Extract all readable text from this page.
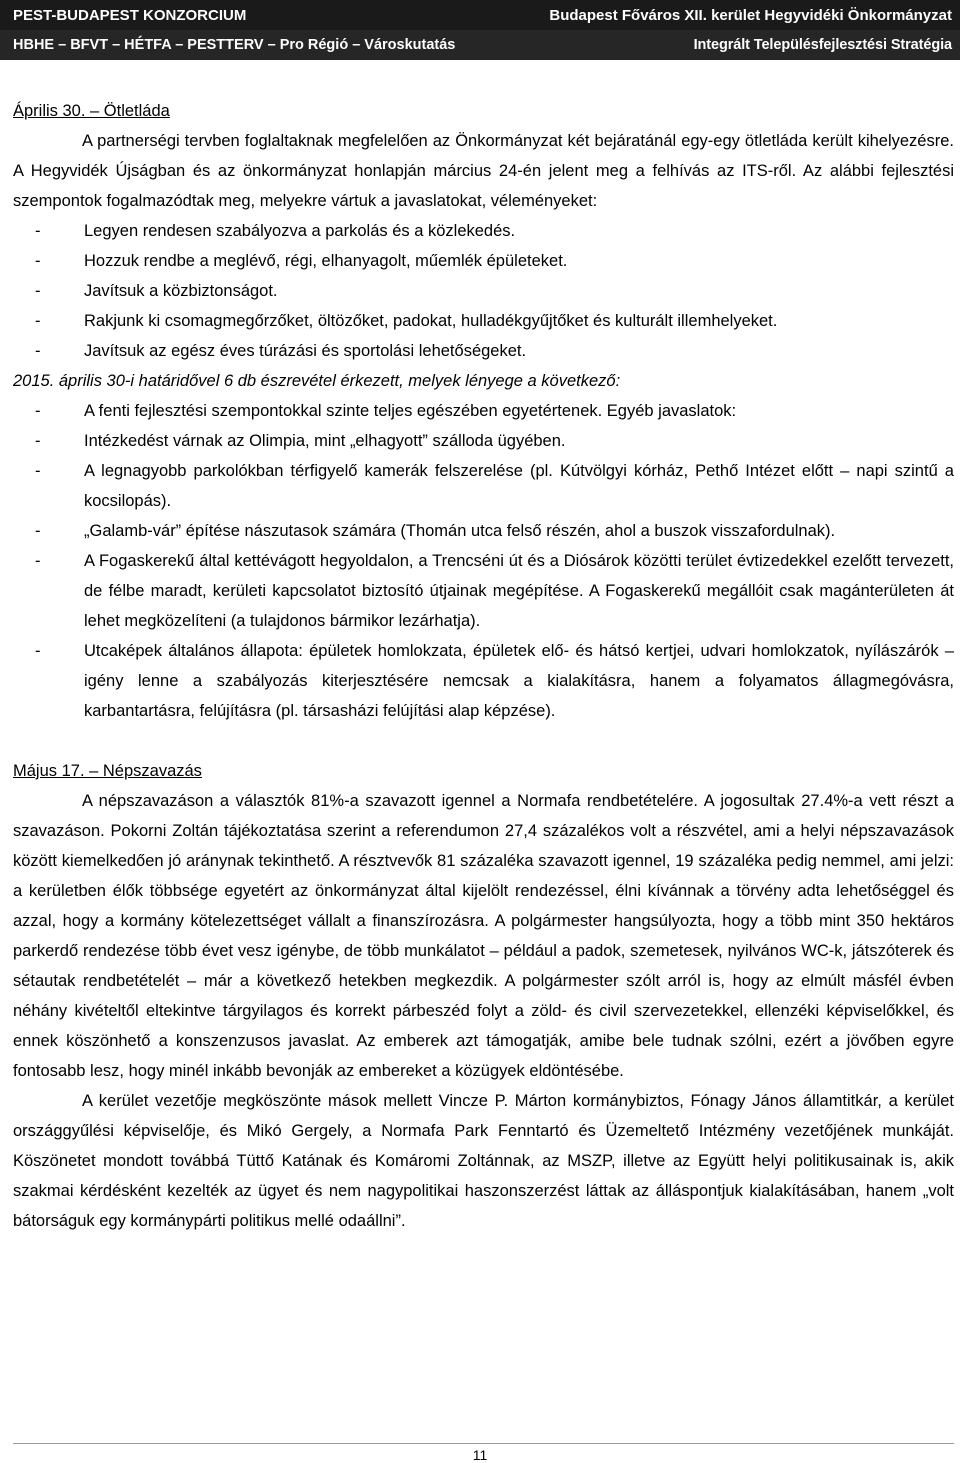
PEST-BUDAPEST KONZORCIUM	Budapest Főváros XII. kerület Hegyvidéki Önkormányzat
HBHE – BFVT – HÉTFA – PESTTERV – Pro Régió – Városkutatás	Integrált Településfejlesztési Stratégia

Április 30. – Ötletláda

A partnerségi tervben foglaltaknak megfelelően az Önkormányzat két bejáratánál egy-egy ötletláda került kihelyezésre. A Hegyvidék Újságban és az önkormányzat honlapján március 24-én jelent meg a felhívás az ITS-ről. Az alábbi fejlesztési szempontok fogalmazódtak meg, melyekre vártuk a javaslatokat, véleményeket:

- Legyen rendesen szabályozva a parkolás és a közlekedés.
- Hozzuk rendbe a meglévő, régi, elhanyagolt, műemlék épületeket.
- Javítsuk a közbiztonságot.
- Rakjunk ki csomagmegőrzőket, öltözőket, padokat, hulladékgyűjtőket és kulturált illemhelyeket.
- Javítsuk az egész éves túrázási és sportolási lehetőségeket.

2015. április 30-i határidővel 6 db észrevétel érkezett, melyek lényege a következő:

- A fenti fejlesztési szempontokkal szinte teljes egészében egyetértenek. Egyéb javaslatok:
- Intézkedést várnak az Olimpia, mint „elhagyott” szálloda ügyében.
- A legnagyobb parkolókban térfigyelő kamerák felszerelése (pl. Kútvölgyi kórház, Pethő Intézet előtt – napi szintű a kocsilopás).
- „Galamb-vár” építése nászutasok számára (Thomán utca felső részén, ahol a buszok visszafordulnak).
- A Fogaskerekű által kettévágott hegyoldalon, a Trencséni út és a Diósárok közötti terület évtizedekkel ezelőtt tervezett, de félbe maradt, kerületi kapcsolatot biztosító útjainak megépítése. A Fogaskerekű megállóit csak magánterületen át lehet megközelíteni (a tulajdonos bármikor lezárhatja).
- Utcaképek általános állapota: épületek homlokzata, épületek elő- és hátsó kertjei, udvari homlokzatok, nyílászárók – igény lenne a szabályozás kiterjesztésére nemcsak a kialakításra, hanem a folyamatos állagmegóvásra, karbantartásra, felújításra (pl. társasházi felújítási alap képzése).

Május 17. – Népszavazás

A népszavazáson a választók 81%-a szavazott igennel a Normafa rendbetételére. A jogosultak 27.4%-a vett részt a szavazáson. Pokorni Zoltán tájékoztatása szerint a referendumon 27,4 százalékos volt a részvétel, ami a helyi népszavazások között kiemelkedően jó aránynak tekinthető. A résztvevők 81 százaléka szavazott igennel, 19 százaléka pedig nemmel, ami jelzi: a kerületben élők többsége egyetért az önkormányzat által kijelölt rendezéssel, élni kívánnak a törvény adta lehetőséggel és azzal, hogy a kormány kötelezettséget vállalt a finanszírozásra. A polgármester hangsúlyozta, hogy a több mint 350 hektáros parkerdő rendezése több évet vesz igénybe, de több munkálatot – például a padok, szemetesek, nyilvános WC-k, játszóterek és sétautak rendbetételét – már a következő hetekben megkezdik. A polgármester szólt arról is, hogy az elmúlt másfél évben néhány kivételtől eltekintve tárgyilagos és korrekt párbeszéd folyt a zöld- és civil szervezetekkel, ellenzéki képviselőkkel, és ennek köszönhető a konszenzusos javaslat. Az emberek azt támogatják, amibe bele tudnak szólni, ezért a jövőben egyre fontosabb lesz, hogy minél inkább bevonják az embereket a közügyek eldöntésébe.

A kerület vezetője megköszönte mások mellett Vincze P. Márton kormánybiztos, Fónagy János államtitkár, a kerület országgyűlési képviselője, és Mikó Gergely, a Normafa Park Fenntartó és Üzemeltető Intézmény vezetőjének munkáját. Köszönetet mondott továbbá Tüttő Katának és Komáromi Zoltánnak, az MSZP, illetve az Együtt helyi politikusainak is, akik szakmai kérdésként kezelték az ügyet és nem nagypolitikai haszonszerzést láttak az álláspontjuk kialakításában, hanem „volt bátorságuk egy kormánypárti politikus mellé odaállni”.

11
